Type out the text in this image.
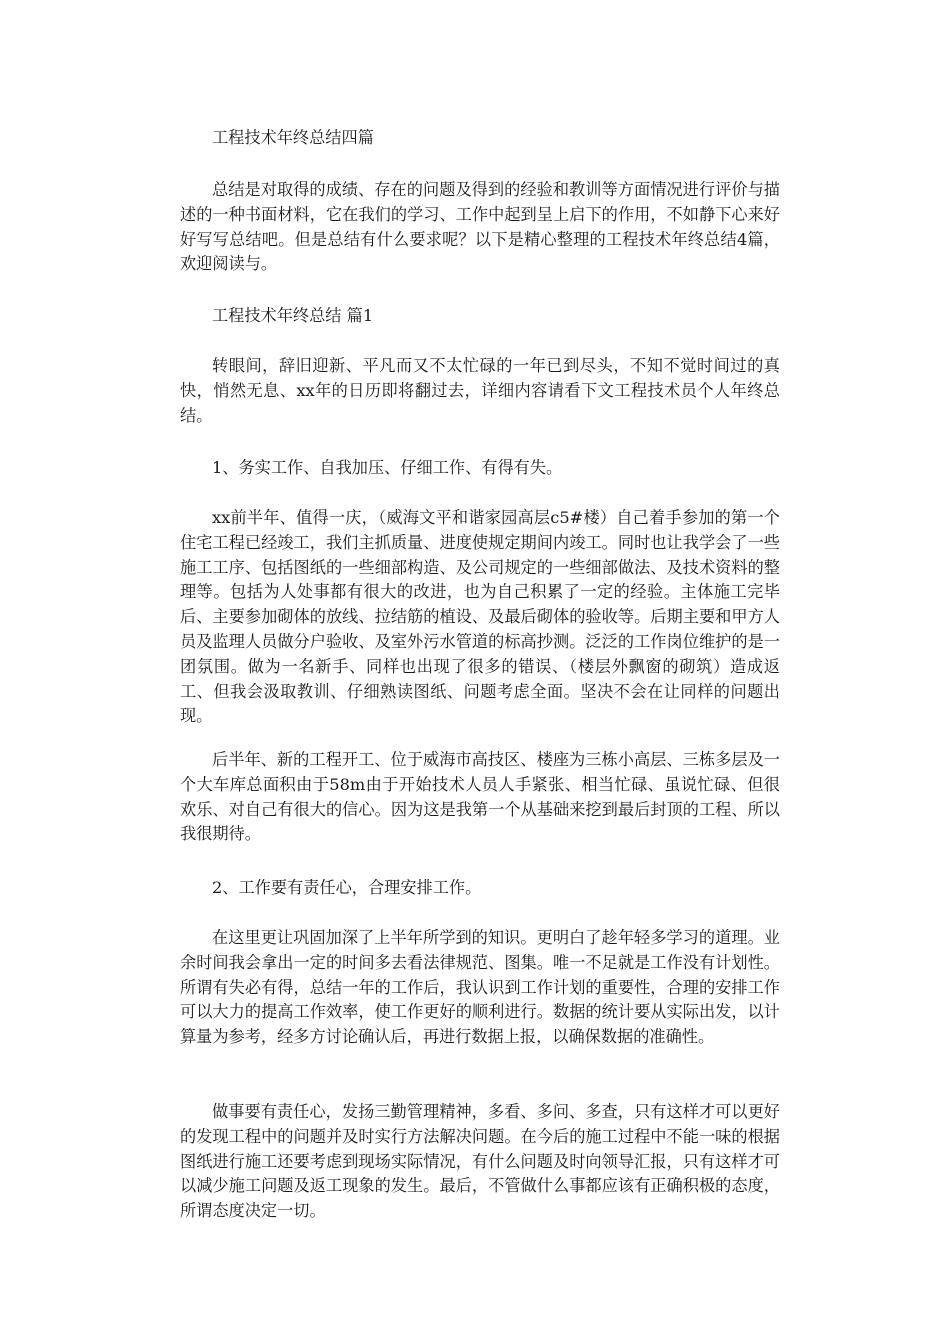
工程技术年终总结四篇

总结是对取得的成绩、存在的问题及得到的经验和教训等方面情况进行评价与描述的一种书面材料，它在我们的学习、工作中起到呈上启下的作用，不如静下心来好好写写总结吧。但是总结有什么要求呢？以下是精心整理的工程技术年终总结4篇，欢迎阅读与。

工程技术年终总结 篇1

转眼间，辞旧迎新、平凡而又不太忙碌的一年已到尽头，不知不觉时间过的真快，悄然无息、xx年的日历即将翻过去，详细内容请看下文工程技术员个人年终总结。

1、务实工作、自我加压、仔细工作、有得有失。

xx前半年、值得一庆，（威海文平和谐家园高层c5#楼）自己着手参加的第一个住宅工程已经竣工，我们主抓质量、进度使规定期间内竣工。同时也让我学会了一些施工工序、包括图纸的一些细部构造、及公司规定的一些细部做法、及技术资料的整理等。包括为人处事都有很大的改进，也为自己积累了一定的经验。主体施工完毕后、主要参加砌体的放线、拉结筋的植设、及最后砌体的验收等。后期主要和甲方人员及监理人员做分户验收、及室外污水管道的标高抄测。泛泛的工作岗位维护的是一团氛围。做为一名新手、同样也出现了很多的错误、（楼层外飘窗的砌筑）造成返工、但我会汲取教训、仔细熟读图纸、问题考虑全面。坚决不会在让同样的问题出现。

后半年、新的工程开工、位于威海市高技区、楼座为三栋小高层、三栋多层及一个大车库总面积由于58m由于开始技术人员人手紧张、相当忙碌、虽说忙碌、但很欢乐、对自己有很大的信心。因为这是我第一个从基础来挖到最后封顶的工程、所以我很期待。

2、工作要有责任心，合理安排工作。

在这里更让巩固加深了上半年所学到的知识。更明白了趁年轻多学习的道理。业余时间我会拿出一定的时间多去看法律规范、图集。唯一不足就是工作没有计划性。所谓有失必有得，总结一年的工作后，我认识到工作计划的重要性，合理的安排工作可以大力的提高工作效率，使工作更好的顺利进行。数据的统计要从实际出发，以计算量为参考，经多方讨论确认后，再进行数据上报，以确保数据的准确性。

做事要有责任心，发扬三勤管理精神，多看、多问、多查，只有这样才可以更好的发现工程中的问题并及时实行方法解决问题。在今后的施工过程中不能一味的根据图纸进行施工还要考虑到现场实际情况，有什么问题及时向领导汇报，只有这样才可以减少施工问题及返工现象的发生。最后，不管做什么事都应该有正确积极的态度，所谓态度决定一切。
